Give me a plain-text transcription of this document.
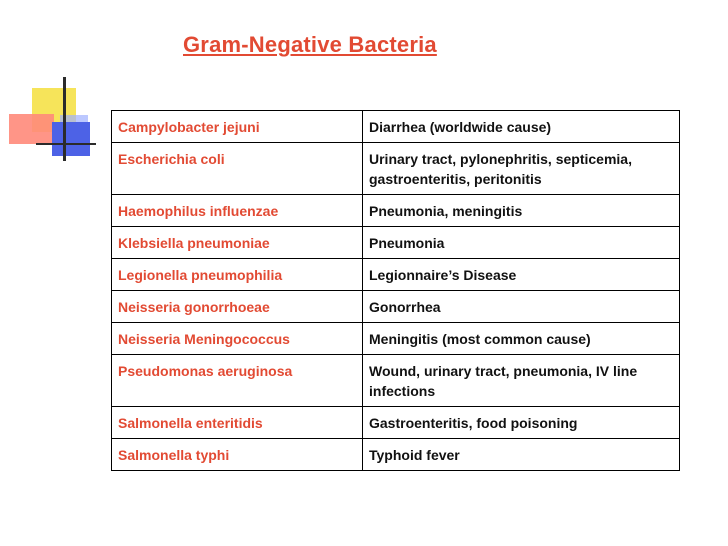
Gram-Negative Bacteria
Campylobacter jejuni	Diarrhea (worldwide cause)
Escherichia coli	Urinary tract, pylonephritis, septicemia, gastroenteritis, peritonitis
Haemophilus influenzae	Pneumonia, meningitis
Klebsiella pneumoniae	Pneumonia
Legionella pneumophilia	Legionnaire’s Disease
Neisseria gonorrhoeae	Gonorrhea
Neisseria Meningococcus	Meningitis (most common cause)
Pseudomonas aeruginosa	Wound, urinary tract, pneumonia, IV line infections
Salmonella enteritidis	Gastroenteritis, food poisoning
Salmonella typhi	Typhoid fever
